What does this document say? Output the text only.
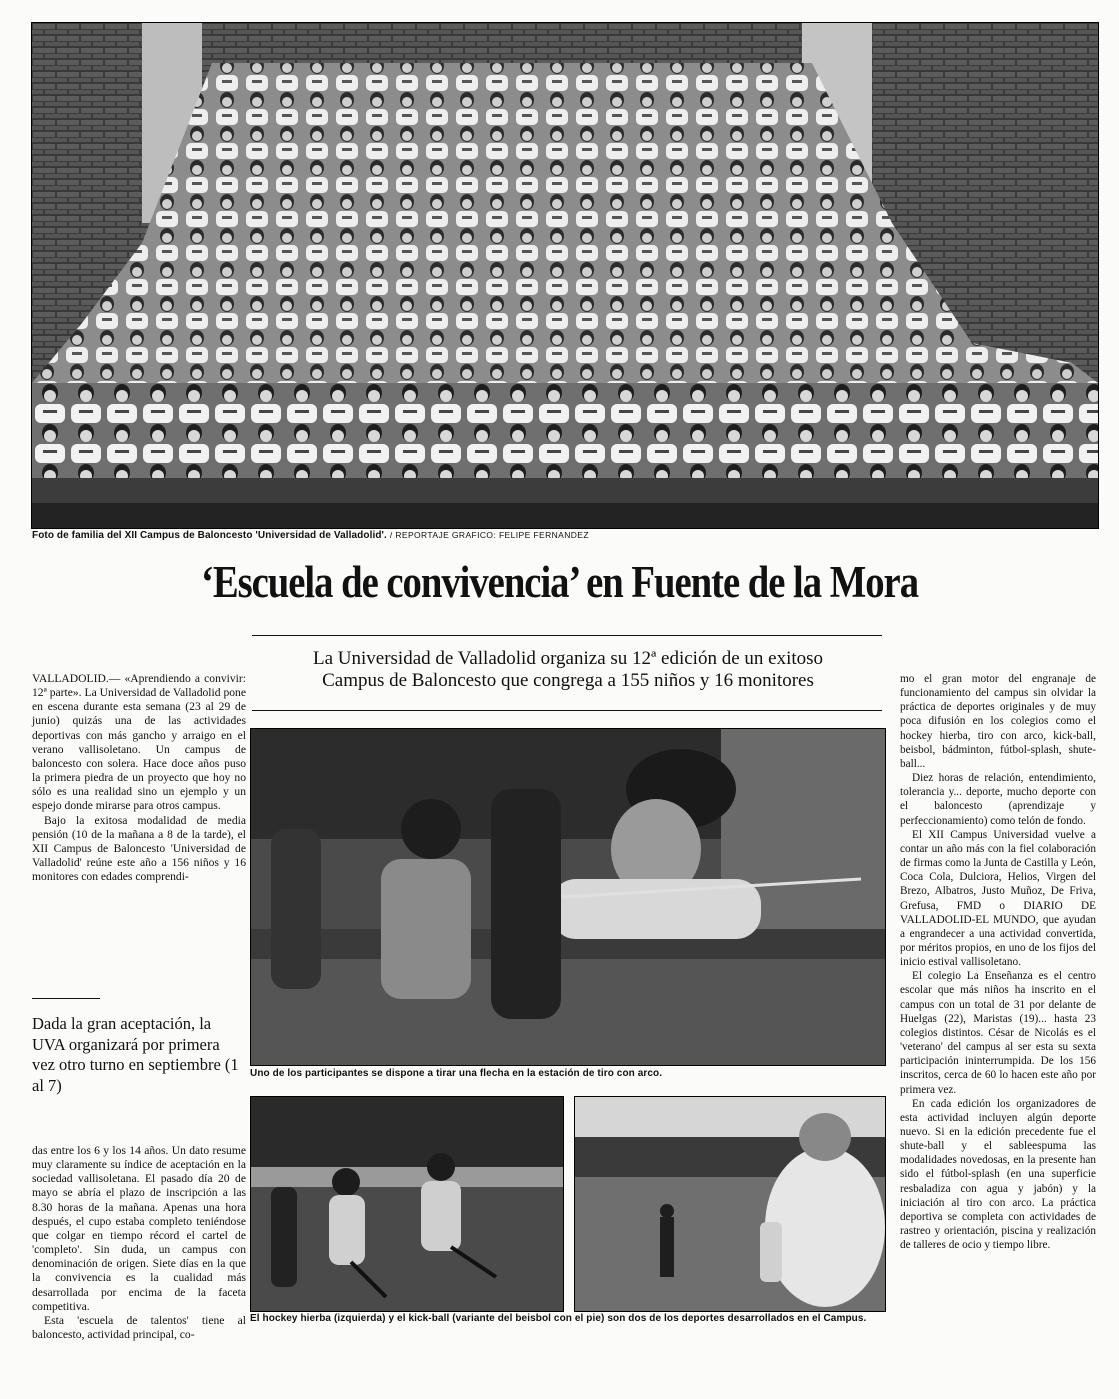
Foto de familia del XII Campus de Baloncesto 'Universidad de Valladolid'. / REPORTAJE GRAFICO: FELIPE FERNANDEZ
‘Escuela de convivencia’ en Fuente de la Mora
La Universidad de Valladolid organiza su 12ª edición de un exitoso
Campus de Baloncesto que congrega a 155 niños y 16 monitores

VALLADOLID.— «Aprendiendo a convivir: 12ª parte». La Universidad de Valladolid pone en escena durante esta semana (23 al 29 de junio) quizás una de las actividades deportivas con más gancho y arraigo en el verano vallisoletano. Un campus de baloncesto con solera. Hace doce años puso la primera piedra de un proyecto que hoy no sólo es una realidad sino un ejemplo y un espejo donde mirarse para otros campus.

Bajo la exitosa modalidad de media pensión (10 de la mañana a 8 de la tarde), el XII Campus de Baloncesto 'Universidad de Valladolid' reúne este año a 156 niños y 16 monitores con edades comprendi-

Dada la gran aceptación, la UVA organizará por primera vez otro turno en septiembre (1 al 7)

das entre los 6 y los 14 años. Un dato resume muy claramente su índice de aceptación en la sociedad vallisoletana. El pasado día 20 de mayo se abría el plazo de inscripción a las 8.30 horas de la mañana. Apenas una hora después, el cupo estaba completo teniéndose que colgar en tiempo récord el cartel de 'completo'. Sin duda, un campus con denominación de origen. Siete días en la que la convivencia es la cualidad más desarrollada por encima de la faceta competitiva.

Esta 'escuela de talentos' tiene al baloncesto, actividad principal, co-

Uno de los participantes se dispone a tirar una flecha en la estación de tiro con arco.
El hockey hierba (izquierda) y el kick-ball (variante del beisbol con el pie) son dos de los deportes desarrollados en el Campus.

mo el gran motor del engranaje de funcionamiento del campus sin olvidar la práctica de deportes originales y de muy poca difusión en los colegios como el hockey hierba, tiro con arco, kick-ball, beisbol, bádminton, fútbol-splash, shute-ball...

Diez horas de relación, entendimiento, tolerancia y... deporte, mucho deporte con el baloncesto (aprendizaje y perfeccionamiento) como telón de fondo.

El XII Campus Universidad vuelve a contar un año más con la fiel colaboración de firmas como la Junta de Castilla y León, Coca Cola, Dulciora, Helios, Virgen del Brezo, Albatros, Justo Muñoz, De Friva, Grefusa, FMD o DIARIO DE VALLADOLID-EL MUNDO, que ayudan a engrandecer a una actividad convertida, por méritos propios, en uno de los fijos del inicio estival vallisoletano.

El colegio La Enseñanza es el centro escolar que más niños ha inscrito en el campus con un total de 31 por delante de Huelgas (22), Maristas (19)... hasta 23 colegios distintos. César de Nicolás es el 'veterano' del campus al ser esta su sexta participación ininterrumpida. De los 156 inscritos, cerca de 60 lo hacen este año por primera vez.

En cada edición los organizadores de esta actividad incluyen algún deporte nuevo. Si en la edición precedente fue el shute-ball y el sableespuma las modalidades novedosas, en la presente han sido el fútbol-splash (en una superficie resbaladiza con agua y jabón) y la iniciación al tiro con arco. La práctica deportiva se completa con actividades de rastreo y orientación, piscina y realización de talleres de ocio y tiempo libre.
